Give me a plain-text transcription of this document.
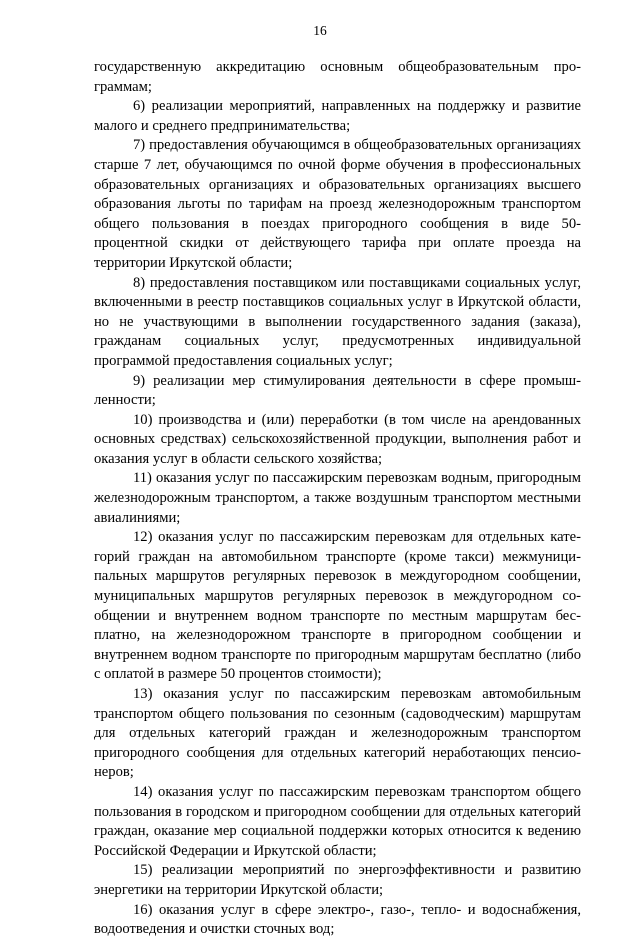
16

государственную аккредитацию основным общеобразовательным программам;

6) реализации мероприятий, направленных на поддержку и развитие малого и среднего предпринимательства;

7) предоставления обучающимся в общеобразовательных организациях старше 7 лет, обучающимся по очной форме обучения в профессиональных образовательных организациях и образовательных организациях высшего образования льготы по тарифам на проезд железнодорожным транспортом общего пользования в поездах пригородного сообщения в виде 50-процентной скидки от действующего тарифа при оплате проезда на территории Иркутской области;

8) предоставления поставщиком или поставщиками социальных услуг, включенными в реестр поставщиков социальных услуг в Иркутской области, но не участвующими в выполнении государственного задания (заказа), гражданам социальных услуг, предусмотренных индивидуальной программой предоставления социальных услуг;

9) реализации мер стимулирования деятельности в сфере промышленности;

10) производства и (или) переработки (в том числе на арендованных основных средствах) сельскохозяйственной продукции, выполнения работ и оказания услуг в области сельского хозяйства;

11) оказания услуг по пассажирским перевозкам водным, пригородным железнодорожным транспортом, а также воздушным транспортом местными авиалиниями;

12) оказания услуг по пассажирским перевозкам для отдельных категорий граждан на автомобильном транспорте (кроме такси) межмуниципальных маршрутов регулярных перевозок в междугородном сообщении, муниципальных маршрутов регулярных перевозок в междугородном сообщении и внутреннем водном транспорте по местным маршрутам бесплатно, на железнодорожном транспорте в пригородном сообщении и внутреннем водном транспорте по пригородным маршрутам бесплатно (либо с оплатой в размере 50 процентов стоимости);

13) оказания услуг по пассажирским перевозкам автомобильным транспортом общего пользования по сезонным (садоводческим) маршрутам для отдельных категорий граждан и железнодорожным транспортом пригородного сообщения для отдельных категорий неработающих пенсионеров;

14) оказания услуг по пассажирским перевозкам транспортом общего пользования в городском и пригородном сообщении для отдельных категорий граждан, оказание мер социальной поддержки которых относится к ведению Российской Федерации и Иркутской области;

15) реализации мероприятий по энергоэффективности и развитию энергетики на территории Иркутской области;

16) оказания услуг в сфере электро-, газо-, тепло- и водоснабжения, водоотведения и очистки сточных вод;
